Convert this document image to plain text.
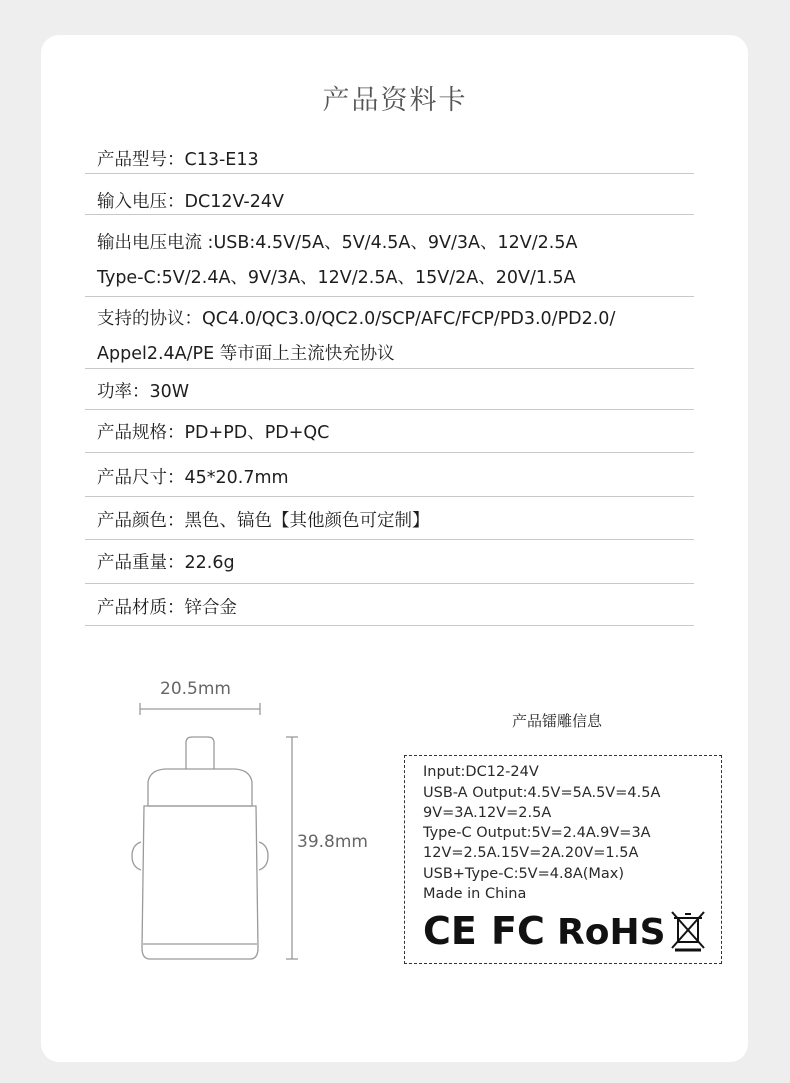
产品资料卡
产品型号：C13-E13
输入电压：DC12V-24V
输出电压电流 :USB:4.5V/5A、5V/4.5A、9V/3A、12V/2.5A
Type-C:5V/2.4A、9V/3A、12V/2.5A、15V/2A、20V/1.5A
支持的协议：QC4.0/QC3.0/QC2.0/SCP/AFC/FCP/PD3.0/PD2.0/
Appel2.4A/PE 等市面上主流快充协议
功率：30W
产品规格：PD+PD、PD+QC
产品尺寸：45*20.7mm
产品颜色：黑色、镐色【其他颜色可定制】
产品重量：22.6g
产品材质：锌合金
20.5mm
39.8mm
产品镭雕信息
Input:DC12-24V
USB-A Output:4.5V=5A.5V=4.5A
9V=3A.12V=2.5A
Type-C Output:5V=2.4A.9V=3A
12V=2.5A.15V=2A.20V=1.5A
USB+Type-C:5V=4.8A(Max)
Made in China
CE FC RoHS
